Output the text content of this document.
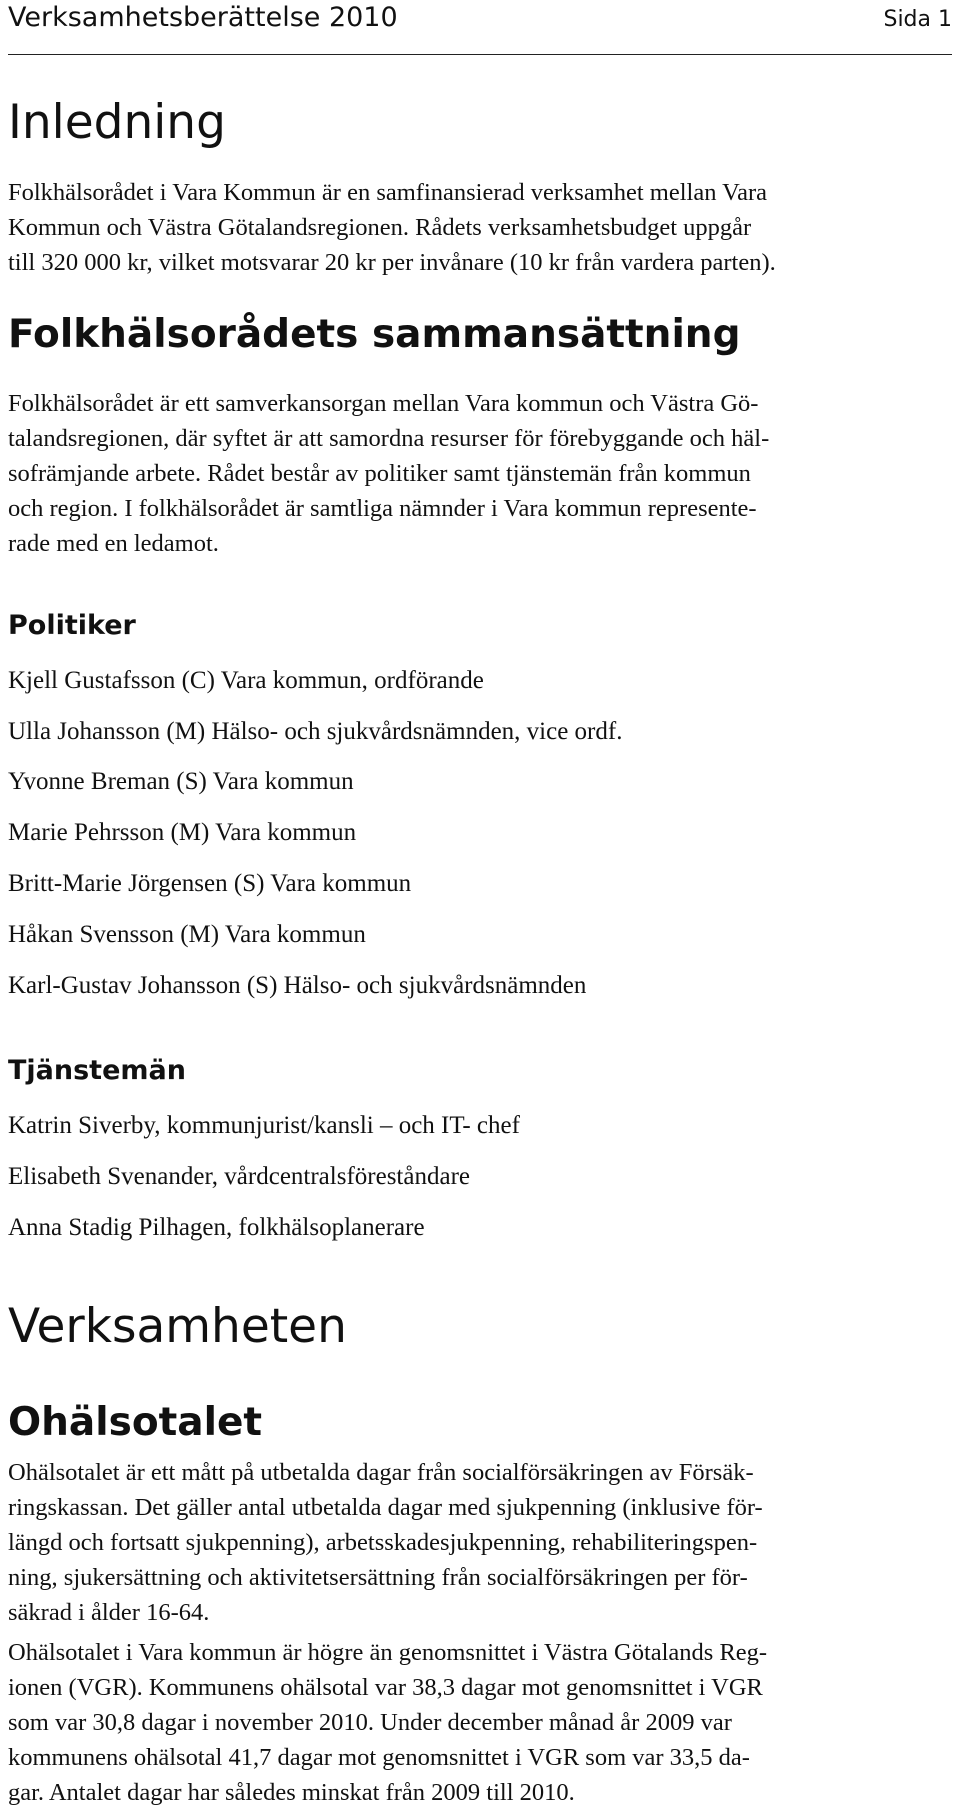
Verksamhetsberättelse 2010	Sida 1
Inledning

Folkhälsorådet i Vara Kommun är en samfinansierad verksamhet mellan Vara

Kommun och Västra Götalandsregionen. Rådets verksamhetsbudget uppgår

till 320 000 kr, vilket motsvarar 20 kr per invånare (10 kr från vardera parten).

Folkhälsorådets sammansättning

Folkhälsorådet är ett samverkansorgan mellan Vara kommun och Västra Gö-

talandsregionen, där syftet är att samordna resurser för förebyggande och häl-

sofrämjande arbete. Rådet består av politiker samt tjänstemän från kommun

och region. I folkhälsorådet är samtliga nämnder i Vara kommun represente-

rade med en ledamot.

Politiker

Kjell Gustafsson (C) Vara kommun, ordförande

Ulla Johansson (M) Hälso- och sjukvårdsnämnden, vice ordf.

Yvonne Breman (S) Vara kommun

Marie Pehrsson (M) Vara kommun

Britt-Marie Jörgensen (S) Vara kommun

Håkan Svensson (M) Vara kommun

Karl-Gustav Johansson (S) Hälso- och sjukvårdsnämnden

Tjänstemän

Katrin Siverby, kommunjurist/kansli – och IT- chef

Elisabeth Svenander, vårdcentralsföreståndare

Anna Stadig Pilhagen, folkhälsoplanerare

Verksamheten
Ohälsotalet

Ohälsotalet är ett mått på utbetalda dagar från socialförsäkringen av Försäk-

ringskassan. Det gäller antal utbetalda dagar med sjukpenning (inklusive för-

längd och fortsatt sjukpenning), arbetsskadesjukpenning, rehabiliteringspen-

ning, sjukersättning och aktivitetsersättning från socialförsäkringen per för-

säkrad i ålder 16-64.

Ohälsotalet i Vara kommun är högre än genomsnittet i Västra Götalands Reg-

ionen (VGR). Kommunens ohälsotal var 38,3 dagar mot genomsnittet i VGR

som var 30,8 dagar i november 2010. Under december månad år 2009 var

kommunens ohälsotal 41,7 dagar mot genomsnittet i VGR som var 33,5 da-

gar. Antalet dagar har således minskat från 2009 till 2010.
